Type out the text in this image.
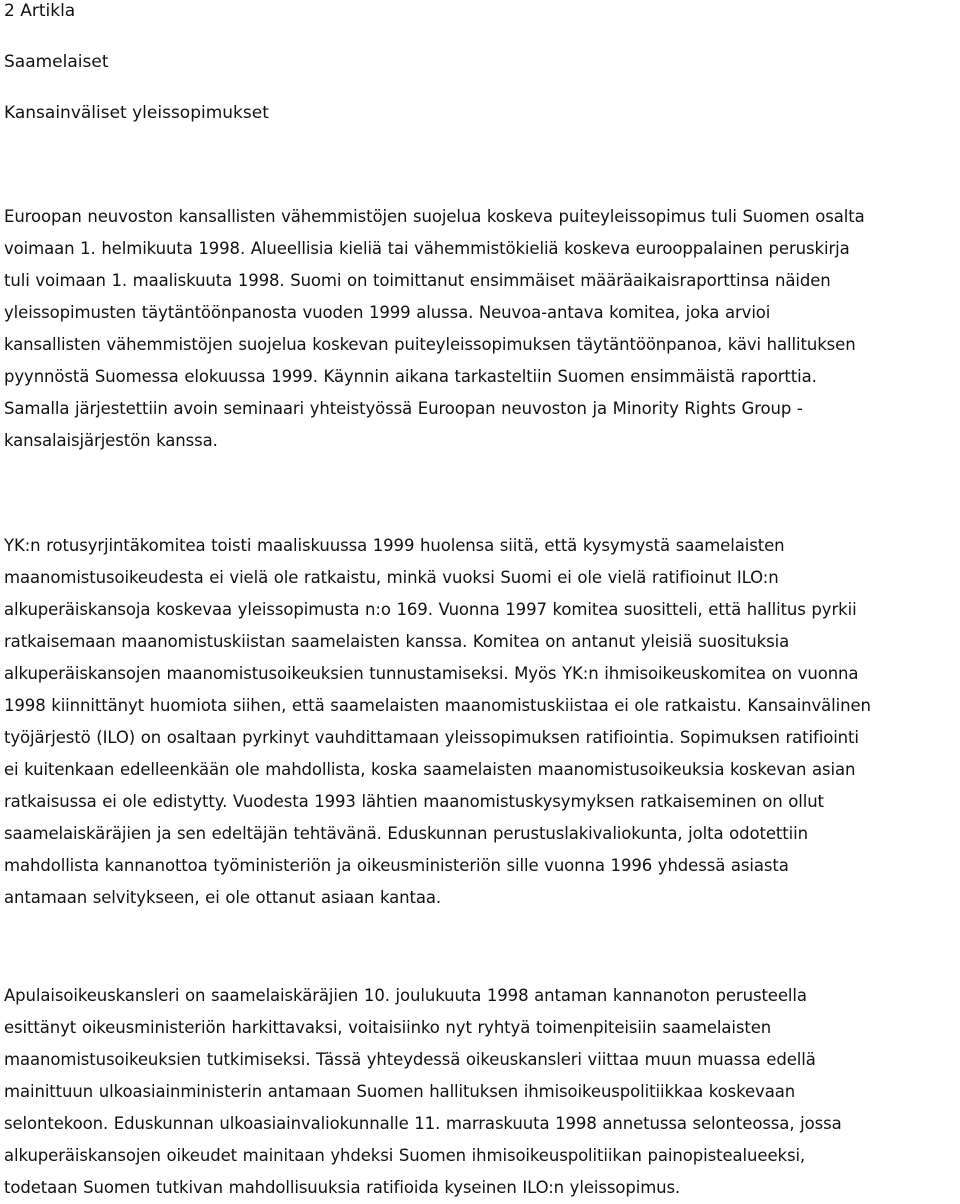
2 Artikla
Saamelaiset
Kansainväliset yleissopimukset

Euroopan neuvoston kansallisten vähemmistöjen suojelua koskeva puiteyleissopimus tuli Suomen osalta
voimaan 1. helmikuuta 1998. Alueellisia kieliä tai vähemmistökieliä koskeva eurooppalainen peruskirja
tuli voimaan 1. maaliskuuta 1998. Suomi on toimittanut ensimmäiset määräaikaisraporttinsa näiden
yleissopimusten täytäntöönpanosta vuoden 1999 alussa. Neuvoa-antava komitea, joka arvioi
kansallisten vähemmistöjen suojelua koskevan puiteyleissopimuksen täytäntöönpanoa, kävi hallituksen
pyynnöstä Suomessa elokuussa 1999. Käynnin aikana tarkasteltiin Suomen ensimmäistä raporttia.
Samalla järjestettiin avoin seminaari yhteistyössä Euroopan neuvoston ja Minority Rights Group -
kansalaisjärjestön kanssa.

YK:n rotusyrjintäkomitea toisti maaliskuussa 1999 huolensa siitä, että kysymystä saamelaisten
maanomistusoikeudesta ei vielä ole ratkaistu, minkä vuoksi Suomi ei ole vielä ratifioinut ILO:n
alkuperäiskansoja koskevaa yleissopimusta n:o 169. Vuonna 1997 komitea suositteli, että hallitus pyrkii
ratkaisemaan maanomistuskiistan saamelaisten kanssa. Komitea on antanut yleisiä suosituksia
alkuperäiskansojen maanomistusoikeuksien tunnustamiseksi. Myös YK:n ihmisoikeuskomitea on vuonna
1998 kiinnittänyt huomiota siihen, että saamelaisten maanomistuskiistaa ei ole ratkaistu. Kansainvälinen
työjärjestö (ILO) on osaltaan pyrkinyt vauhdittamaan yleissopimuksen ratifiointia. Sopimuksen ratifiointi
ei kuitenkaan edelleenkään ole mahdollista, koska saamelaisten maanomistusoikeuksia koskevan asian
ratkaisussa ei ole edistytty. Vuodesta 1993 lähtien maanomistuskysymyksen ratkaiseminen on ollut
saamelaiskäräjien ja sen edeltäjän tehtävänä. Eduskunnan perustuslakivaliokunta, jolta odotettiin
mahdollista kannanottoa työministeriön ja oikeusministeriön sille vuonna 1996 yhdessä asiasta
antamaan selvitykseen, ei ole ottanut asiaan kantaa.

Apulaisoikeuskansleri on saamelaiskäräjien 10. joulukuuta 1998 antaman kannanoton perusteella
esittänyt oikeusministeriön harkittavaksi, voitaisiinko nyt ryhtyä toimenpiteisiin saamelaisten
maanomistusoikeuksien tutkimiseksi. Tässä yhteydessä oikeuskansleri viittaa muun muassa edellä
mainittuun ulkoasiainministerin antamaan Suomen hallituksen ihmisoikeuspolitiikkaa koskevaan
selontekoon. Eduskunnan ulkoasiainvaliokunnalle 11. marraskuuta 1998 annetussa selonteossa, jossa
alkuperäiskansojen oikeudet mainitaan yhdeksi Suomen ihmisoikeuspolitiikan painopistealueeksi,
todetaan Suomen tutkivan mahdollisuuksia ratifioida kyseinen ILO:n yleissopimus.
